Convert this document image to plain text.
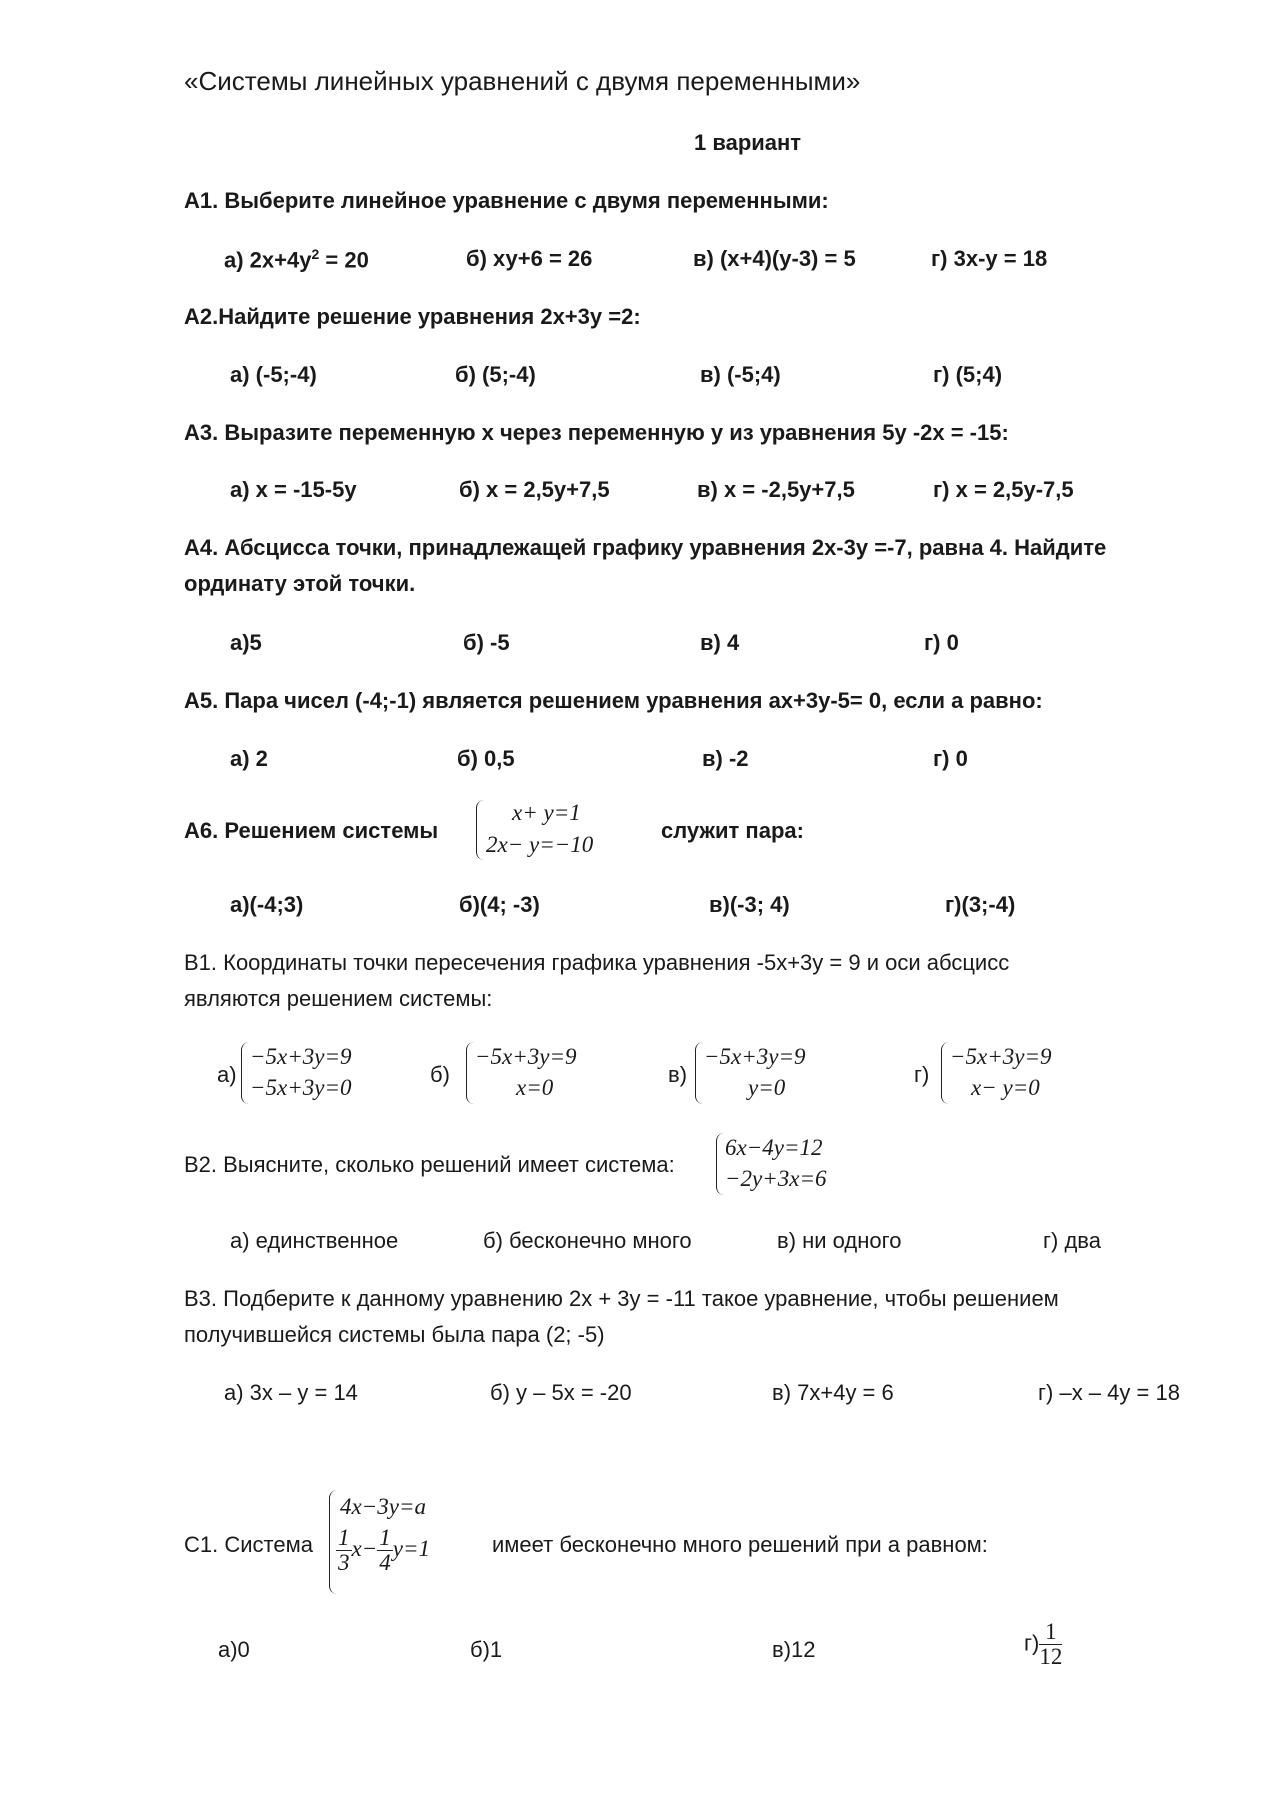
«Системы линейных уравнений с двумя переменными»
1 вариант
А1. Выберите линейное уравнение с двумя переменными:
а) $2х+4у^2 = 20$	б) ху+6 = 26	в) (х+4)(у-3) = 5	г) 3х-у = 18
А2.Найдите решение уравнения 2х+3у =2:
а) (-5;-4)	б) (5;-4)	в) (-5;4)	г) (5;4)
А3. Выразите переменную х через переменную у из уравнения 5у -2х = -15:
а) х = -15-5у	б) х = 2,5у+7,5	в) х = -2,5у+7,5	г) х = 2,5у-7,5
А4. Абсцисса точки, принадлежащей графику уравнения 2х-3у =-7, равна 4. Найдите
ординату этой точки.
а)5	б) -5	в) 4	г) 0
А5. Пара чисел (-4;-1) является решением уравнения ах+3у-5= 0, если а равно:
а) 2	б) 0,5	в) -2	г) 0
А6. Решением системы
x+ y=1
2x− y=−10
служит пара:
а)(-4;3)	б)(4; -3)	в)(-3; 4)	г)(3;-4)
В1. Координаты точки пересечения графика уравнения -5х+3у = 9 и оси абсцисс
являются решением системы:
а)
−5x+3y=9
−5x+3y=0
б)
−5x+3y=9
x=0
в)
−5x+3y=9
y=0
г)
−5x+3y=9
x− y=0
В2. Выясните, сколько решений имеет система:
6x−4y=12
−2y+3x=6
а) единственное	б) бесконечно много	в) ни одного	г) два
В3. Подберите к данному уравнению 2х + 3у = -11 такое уравнение, чтобы решением
получившейся системы была пара (2; -5)
а) 3х – у = 14	б) у – 5х = -20	в) 7х+4у = 6	г) –х – 4у = 18
С1. Система
4x−3y=a
$\frac{1}{3} x- \frac{1}{4} y=1$	имеет бесконечно много решений при а равном:
а)0	б)1	в)12	$г) \frac{1}{12}$
